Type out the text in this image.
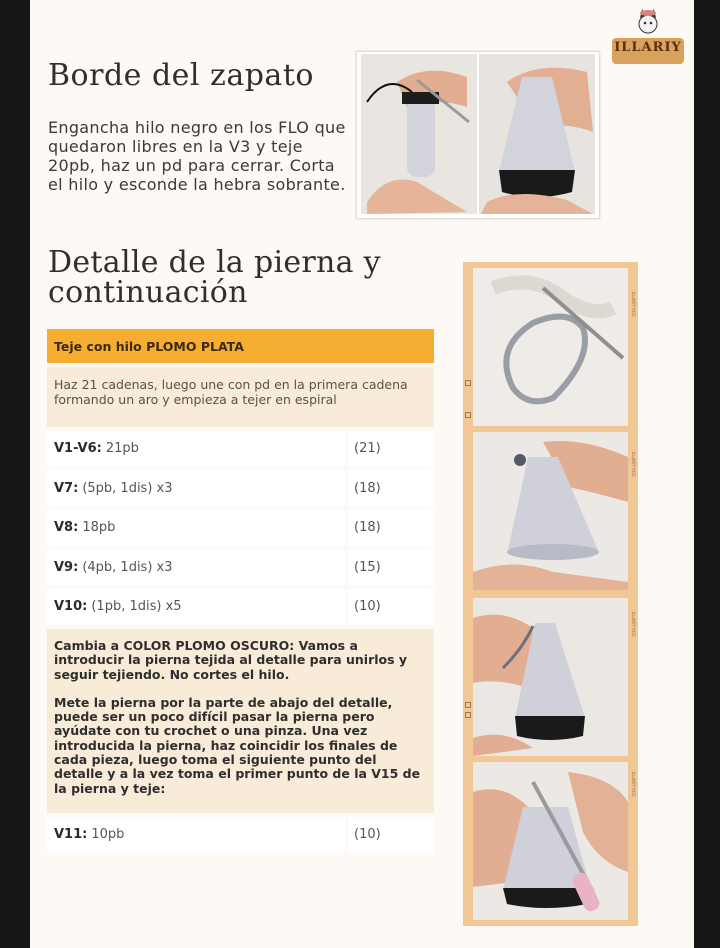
ILLARIY
Borde del zapato
Engancha hilo negro en los FLO que quedaron libres en la V3 y teje 20pb, haz un pd para cerrar. Corta el hilo y esconde la hebra sobrante.
Detalle de la pierna y
continuación
Teje con hilo PLOMO PLATA
Haz 21 cadenas, luego une con pd en la primera cadena formando un aro y empieza a tejer en espiral
V1-V6: 21pb	(21)
V7: (5pb, 1dis) x3	(18)
V8: 18pb	(18)
V9: (4pb, 1dis) x3	(15)
V10: (1pb, 1dis) x5	(10)

Cambia a COLOR PLOMO OSCURO: Vamos a introducir la pierna tejida al detalle para unirlos y seguir tejiendo. No cortes el hilo.

Mete la pierna por la parte de abajo del detalle, puede ser un poco difícil pasar la pierna pero ayúdate con tu crochet o una pinza. Una vez introducida la pierna, haz coincidir los finales de cada pieza, luego toma el siguiente punto del detalle y a la vez toma el primer punto de la V15 de la pierna y teje:

V11: 10pb	(10)
ILLARIY ROS
ILLARIY ROS
ILLARIY ROS
ILLARIY ROS
